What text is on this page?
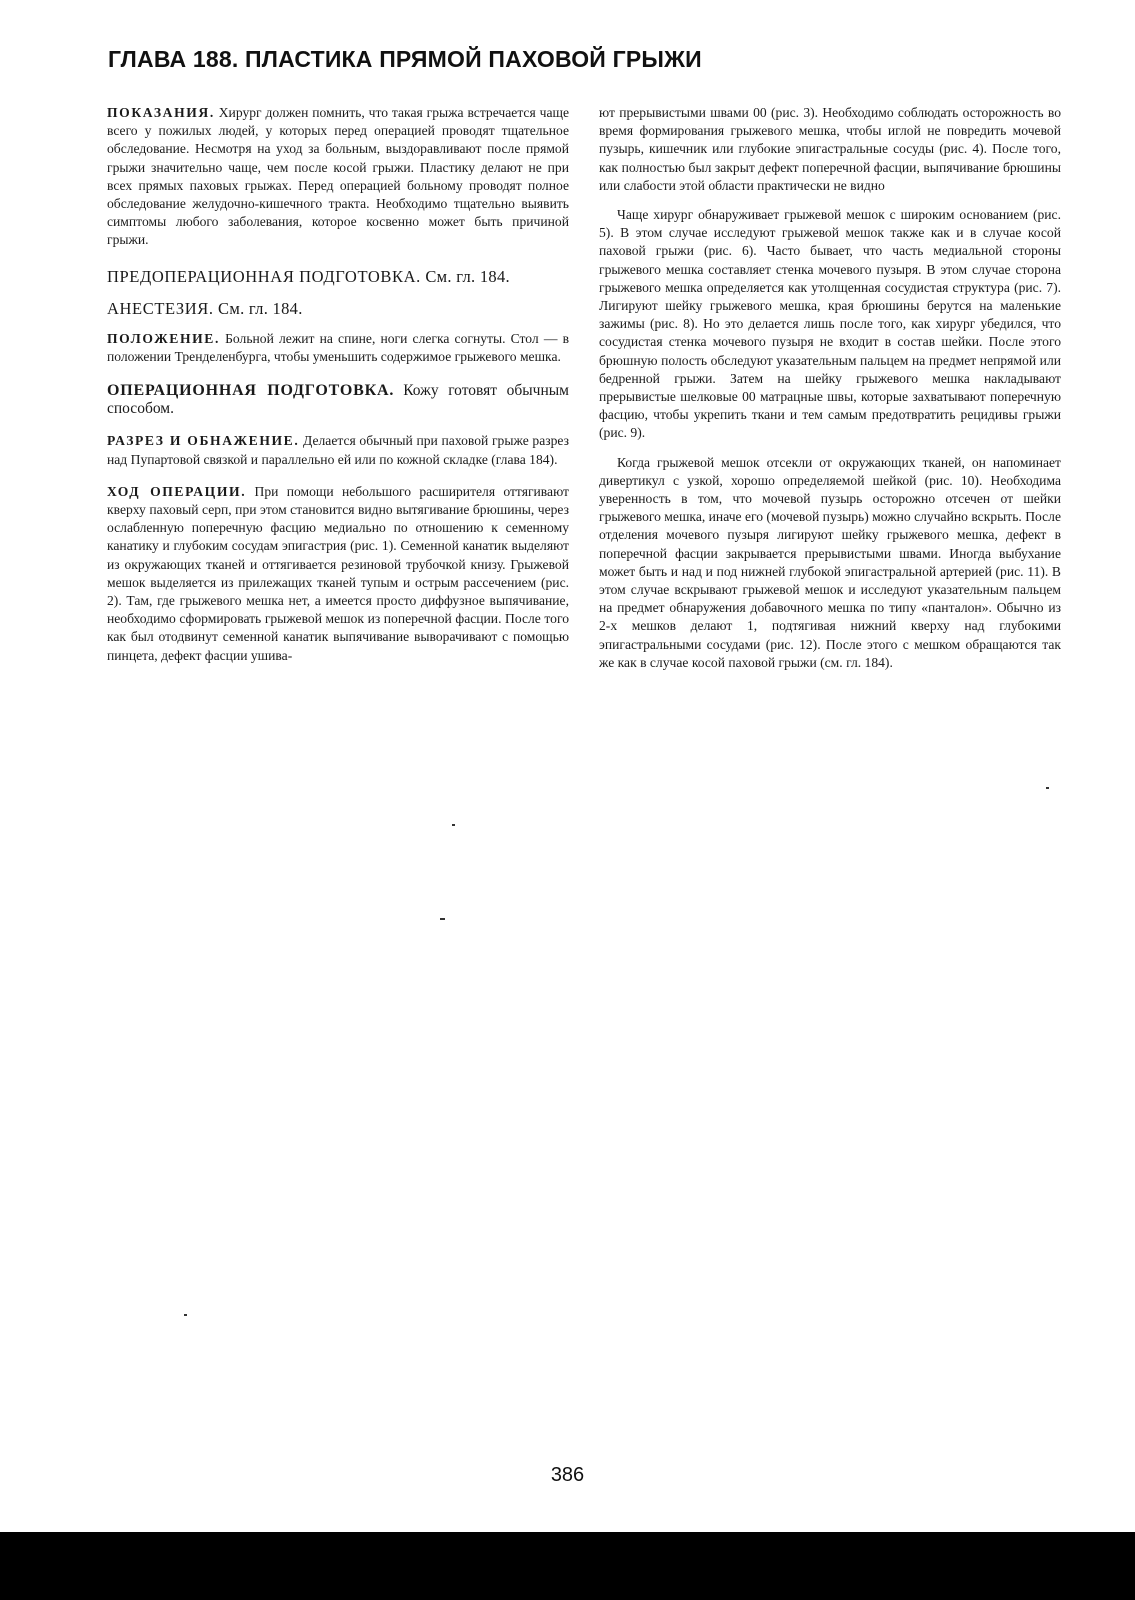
ГЛАВА 188. ПЛАСТИКА ПРЯМОЙ ПАХОВОЙ ГРЫЖИ

ПОКАЗАНИЯ. Хирург должен помнить, что такая грыжа встречается чаще всего у пожилых людей, у которых перед операцией проводят тщательное обследование. Несмотря на уход за больным, выздоравливают после прямой грыжи значительно чаще, чем после косой грыжи. Пластику делают не при всех прямых паховых грыжах. Перед операцией больному проводят полное обследование желудочно-кишечного тракта. Необходимо тщательно выявить симптомы любого заболевания, которое косвенно может быть причиной грыжи.

ПРЕДОПЕРАЦИОННАЯ ПОДГОТОВКА. См. гл. 184.

АНЕСТЕЗИЯ. См. гл. 184.

ПОЛОЖЕНИЕ. Больной лежит на спине, ноги слегка согнуты. Стол — в положении Тренделенбурга, чтобы уменьшить содержимое грыжевого мешка.

ОПЕРАЦИОННАЯ ПОДГОТОВКА. Кожу готовят обычным способом.

РАЗРЕЗ И ОБНАЖЕНИЕ. Делается обычный при паховой грыже разрез над Пупартовой связкой и параллельно ей или по кожной складке (глава 184).

ХОД ОПЕРАЦИИ. При помощи небольшого расширителя оттягивают кверху паховый серп, при этом становится видно вытягивание брюшины, через ослабленную поперечную фасцию медиально по отношению к семенному канатику и глубоким сосудам эпигастрия (рис. 1). Семенной канатик выделяют из окружающих тканей и оттягивается резиновой трубочкой книзу. Грыжевой мешок выделяется из прилежащих тканей тупым и острым рассечением (рис. 2). Там, где грыжевого мешка нет, а имеется просто диффузное выпячивание, необходимо сформировать грыжевой мешок из поперечной фасции. После того как был отодвинут семенной канатик выпячивание выворачивают с помощью пинцета, дефект фасции ушива-

ют прерывистыми швами 00 (рис. 3). Необходимо соблюдать осторожность во время формирования грыжевого мешка, чтобы иглой не повредить мочевой пузырь, кишечник или глубокие эпигастральные сосуды (рис. 4). После того, как полностью был закрыт дефект поперечной фасции, выпячивание брюшины или слабости этой области практически не видно

Чаще хирург обнаруживает грыжевой мешок с широким основанием (рис. 5). В этом случае исследуют грыжевой мешок также как и в случае косой паховой грыжи (рис. 6). Часто бывает, что часть медиальной стороны грыжевого мешка составляет стенка мочевого пузыря. В этом случае сторона грыжевого мешка определяется как утолщенная сосудистая структура (рис. 7). Лигируют шейку грыжевого мешка, края брюшины берутся на маленькие зажимы (рис. 8). Но это делается лишь после того, как хирург убедился, что сосудистая стенка мочевого пузыря не входит в состав шейки. После этого брюшную полость обследуют указательным пальцем на предмет непрямой или бедренной грыжи. Затем на шейку грыжевого мешка накладывают прерывистые шелковые 00 матрацные швы, которые захватывают поперечную фасцию, чтобы укрепить ткани и тем самым предотвратить рецидивы грыжи (рис. 9).

Когда грыжевой мешок отсекли от окружающих тканей, он напоминает дивертикул с узкой, хорошо определяемой шейкой (рис. 10). Необходима уверенность в том, что мочевой пузырь осторожно отсечен от шейки грыжевого мешка, иначе его (мочевой пузырь) можно случайно вскрыть. После отделения мочевого пузыря лигируют шейку грыжевого мешка, дефект в поперечной фасции закрывается прерывистыми швами. Иногда выбухание может быть и над и под нижней глубокой эпигастральной артерией (рис. 11). В этом случае вскрывают грыжевой мешок и исследуют указательным пальцем на предмет обнаружения добавочного мешка по типу «панталон». Обычно из 2-х мешков делают 1, подтягивая нижний кверху над глубокими эпигастральными сосудами (рис. 12). После этого с мешком обращаются так же как в случае косой паховой грыжи (см. гл. 184).

386
